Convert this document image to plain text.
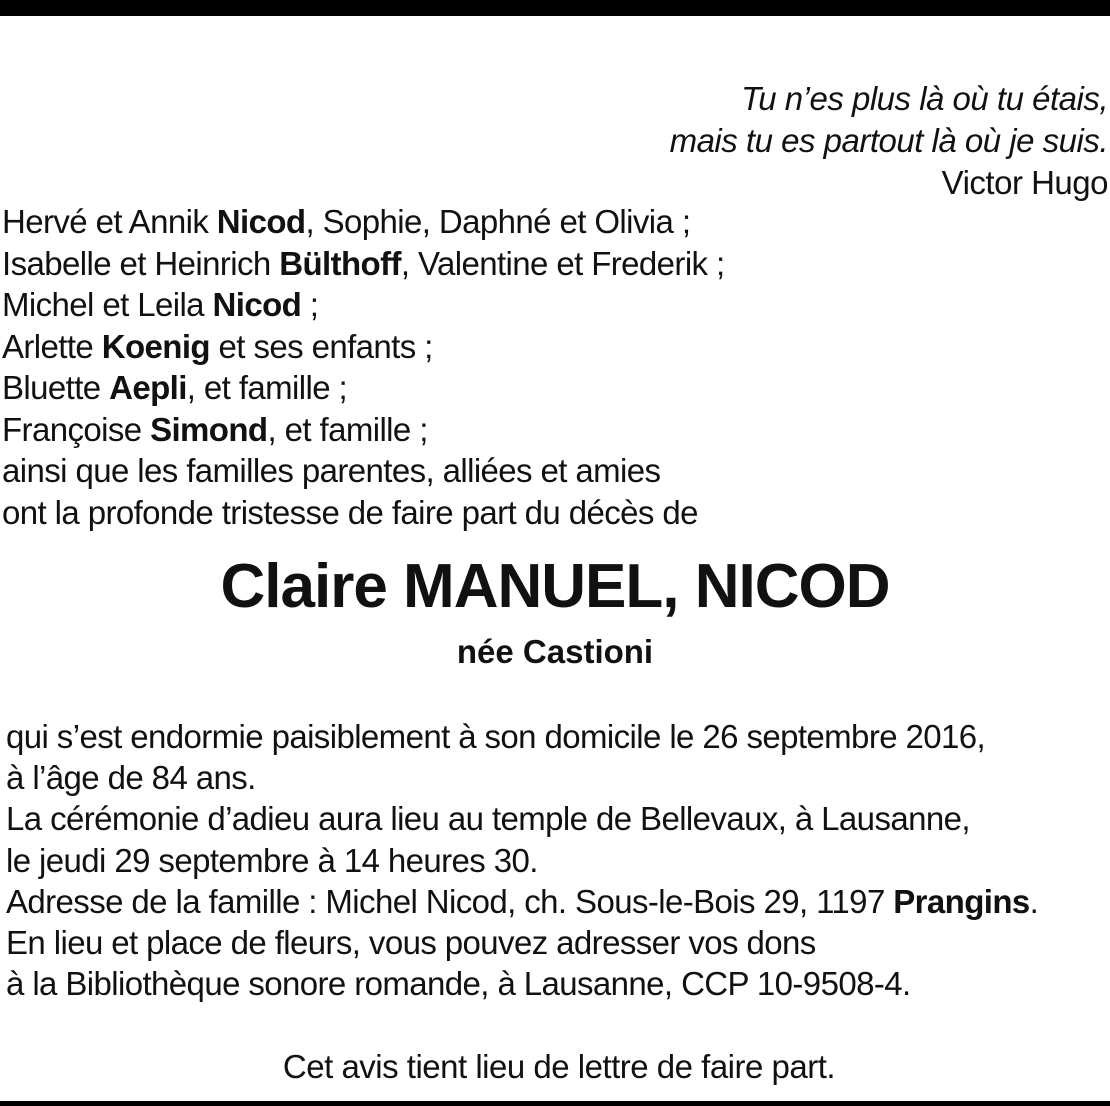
Tu n’es plus là où tu étais,
mais tu es partout là où je suis.
Victor Hugo
Hervé et Annik Nicod, Sophie, Daphné et Olivia ;
Isabelle et Heinrich Bülthoff, Valentine et Frederik ;
Michel et Leila Nicod ;
Arlette Koenig et ses enfants ;
Bluette Aepli, et famille ;
Françoise Simond, et famille ;
ainsi que les familles parentes, alliées et amies
ont la profonde tristesse de faire part du décès de
Claire MANUEL, NICOD
née Castioni
qui s’est endormie paisiblement à son domicile le 26 septembre 2016,
à l’âge de 84 ans.
La cérémonie d’adieu aura lieu au temple de Bellevaux, à Lausanne,
le jeudi 29 septembre à 14 heures 30.
Adresse de la famille : Michel Nicod, ch. Sous-le-Bois 29, 1197 Prangins.
En lieu et place de fleurs, vous pouvez adresser vos dons
à la Bibliothèque sonore romande, à Lausanne, CCP 10-9508-4.
Cet avis tient lieu de lettre de faire part.
